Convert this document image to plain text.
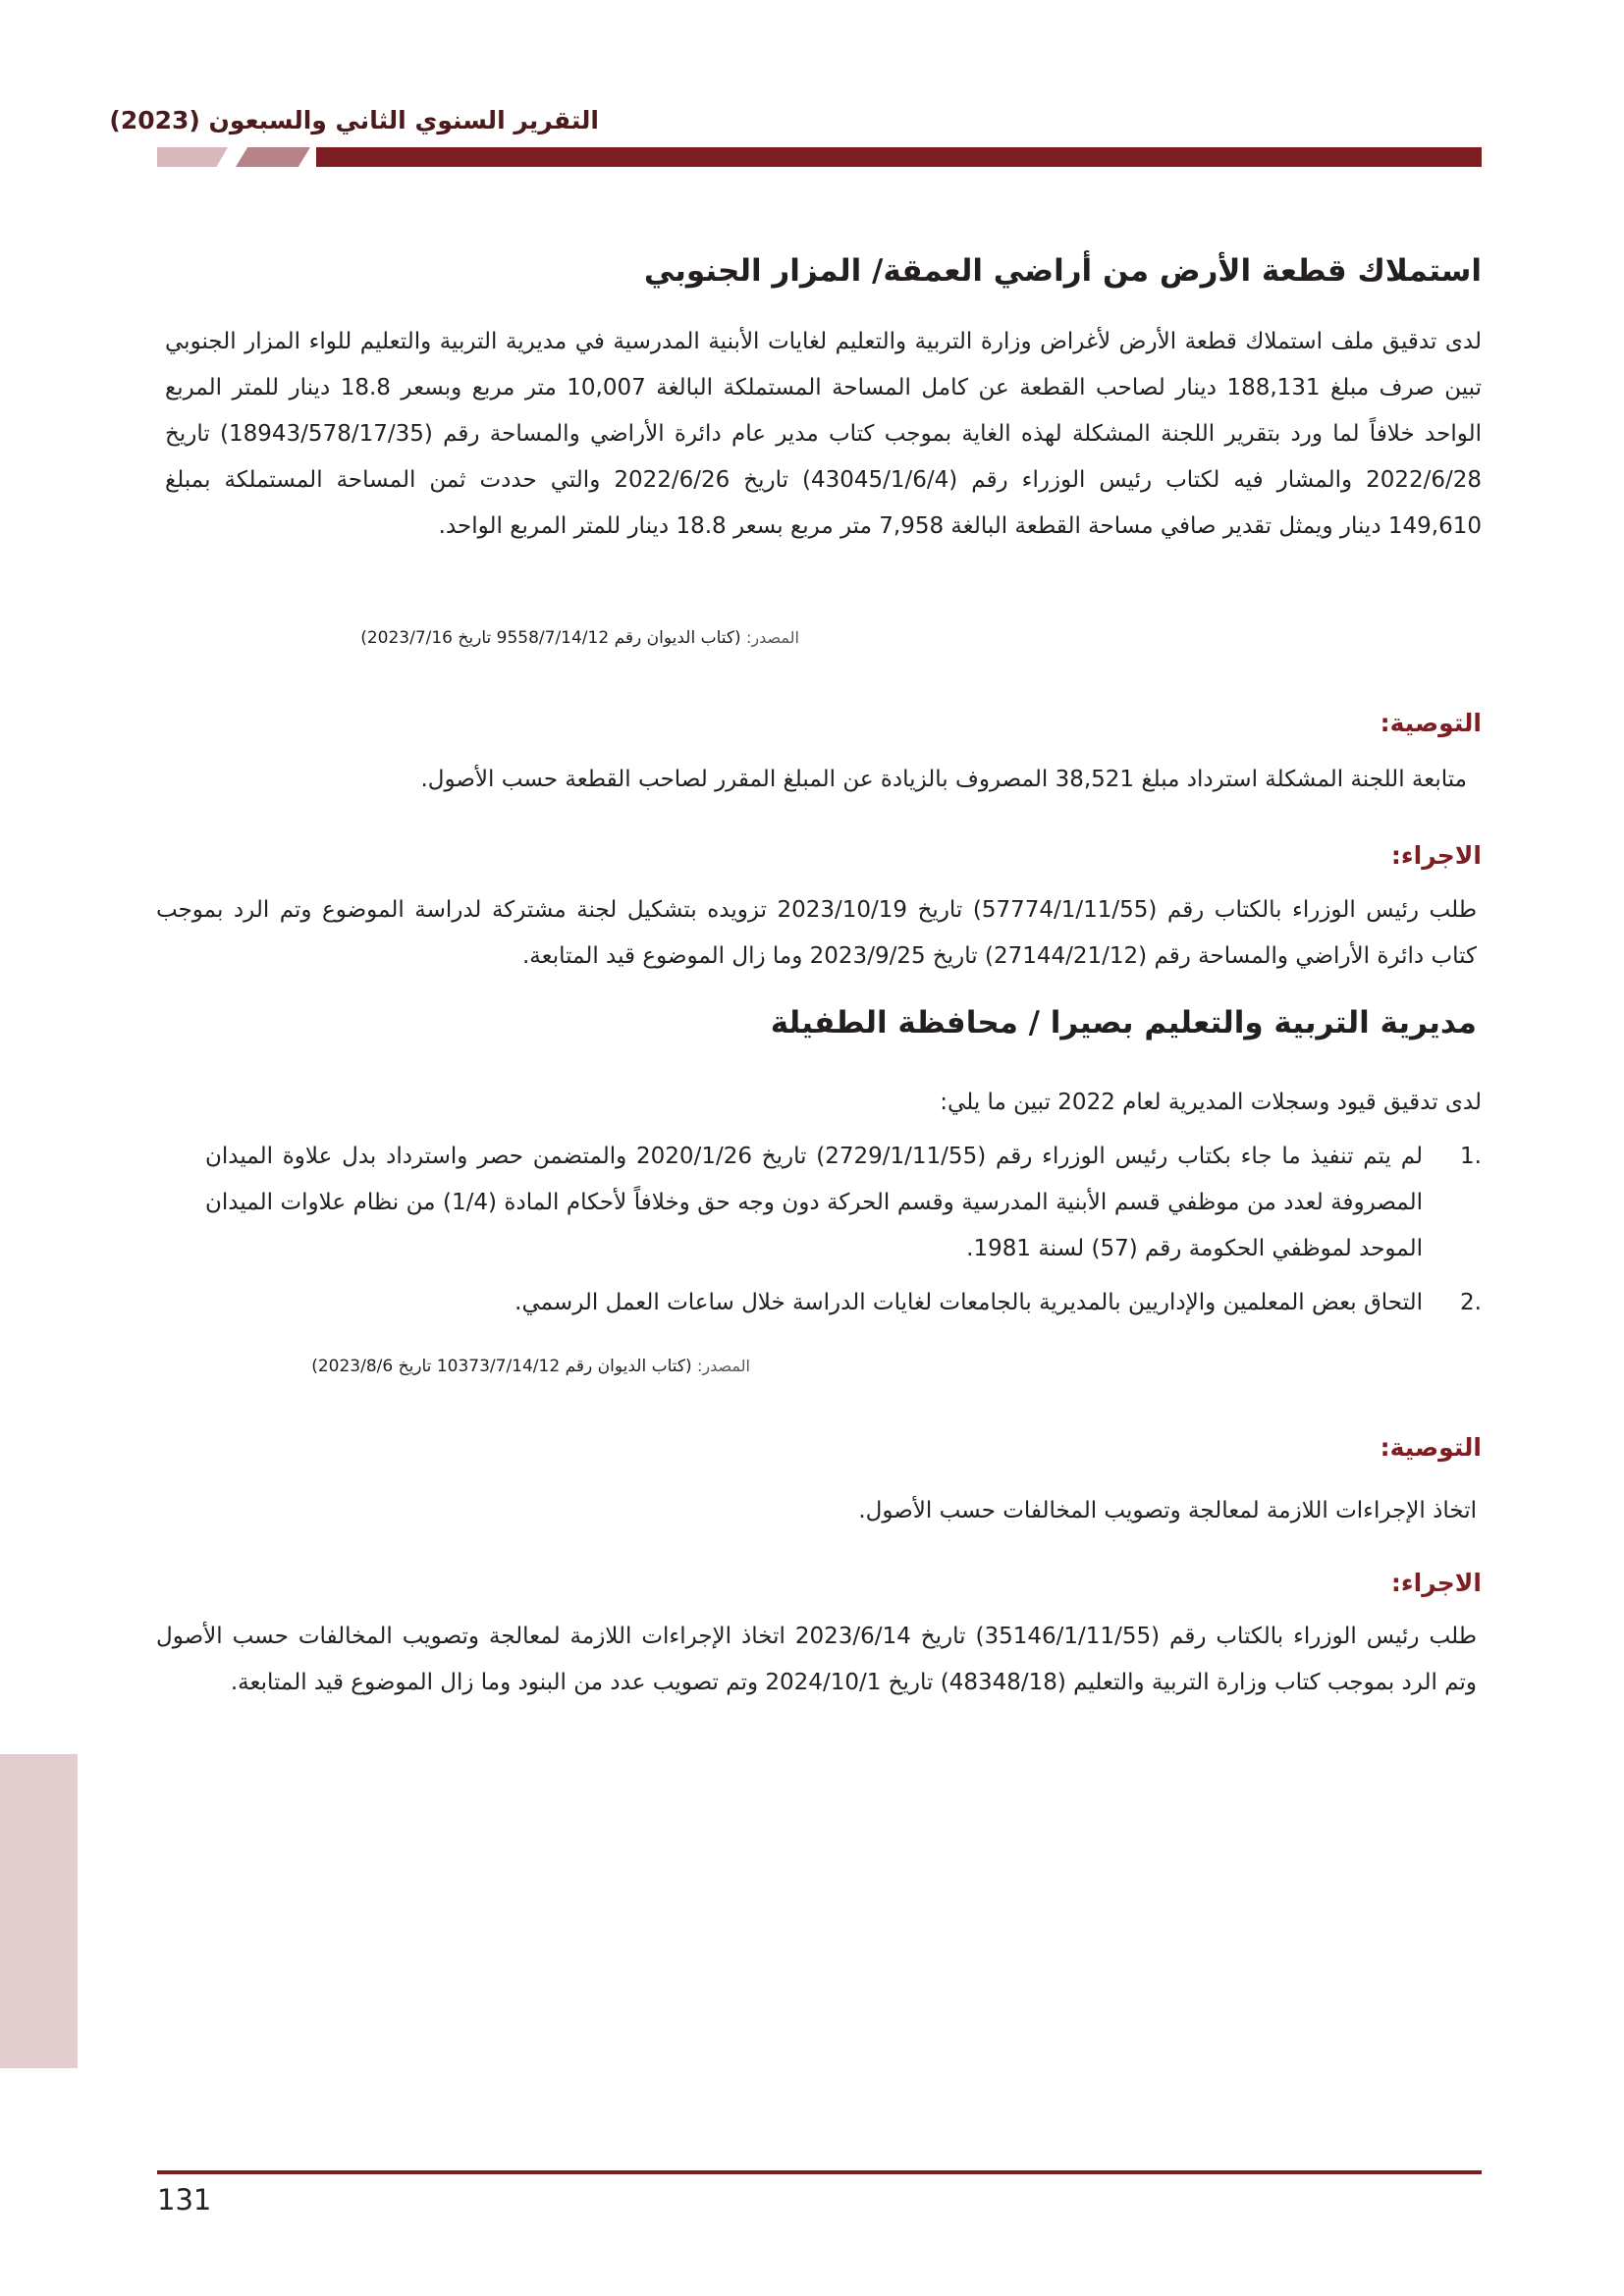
التقرير السنوي الثاني والسبعون (2023)
استملاك قطعة الأرض من أراضي العمقة/ المزار الجنوبي

لدى تدقيق ملف استملاك قطعة الأرض لأغراض وزارة التربية والتعليم لغايات الأبنية المدرسية في مديرية التربية والتعليم للواء المزار الجنوبي تبين صرف مبلغ 188,131 دينار لصاحب القطعة عن كامل المساحة المستملكة البالغة 10,007 متر مربع وبسعر 18.8 دينار للمتر المربع الواحد خلافاً لما ورد بتقرير اللجنة المشكلة لهذه الغاية بموجب كتاب مدير عام دائرة الأراضي والمساحة رقم (18943/578/17/35) تاريخ 2022/6/28 والمشار فيه لكتاب رئيس الوزراء رقم (43045/1/6/4) تاريخ 2022/6/26 والتي حددت ثمن المساحة المستملكة بمبلغ 149,610 دينار ويمثل تقدير صافي مساحة القطعة البالغة 7,958 متر مربع بسعر 18.8 دينار للمتر المربع الواحد.

المصدر: (كتاب الديوان رقم 9558/7/14/12 تاريخ 2023/7/16)
التوصية:

متابعة اللجنة المشكلة استرداد مبلغ 38,521 المصروف بالزيادة عن المبلغ المقرر لصاحب القطعة حسب الأصول.

الاجراء:

طلب رئيس الوزراء بالكتاب رقم (57774/1/11/55) تاريخ 2023/10/19 تزويده بتشكيل لجنة مشتركة لدراسة الموضوع وتم الرد بموجب كتاب دائرة الأراضي والمساحة رقم (27144/21/12) تاريخ 2023/9/25 وما زال الموضوع قيد المتابعة.

مديرية التربية والتعليم بصيرا / محافظة الطفيلة

لدى تدقيق قيود وسجلات المديرية لعام 2022 تبين ما يلي:

1.
لم يتم تنفيذ ما جاء بكتاب رئيس الوزراء رقم (2729/1/11/55) تاريخ 2020/1/26 والمتضمن حصر واسترداد بدل علاوة الميدان المصروفة لعدد من موظفي قسم الأبنية المدرسية وقسم الحركة دون وجه حق وخلافاً لأحكام المادة (1/4) من نظام علاوات الميدان الموحد لموظفي الحكومة رقم (57) لسنة 1981.
2.
التحاق بعض المعلمين والإداريين بالمديرية بالجامعات لغايات الدراسة خلال ساعات العمل الرسمي.
المصدر: (كتاب الديوان رقم 10373/7/14/12 تاريخ 2023/8/6)
التوصية:

اتخاذ الإجراءات اللازمة لمعالجة وتصويب المخالفات حسب الأصول.

الاجراء:

طلب رئيس الوزراء بالكتاب رقم (35146/1/11/55) تاريخ 2023/6/14 اتخاذ الإجراءات اللازمة لمعالجة وتصويب المخالفات حسب الأصول وتم الرد بموجب كتاب وزارة التربية والتعليم (48348/18) تاريخ 2024/10/1 وتم تصويب عدد من البنود وما زال الموضوع قيد المتابعة.

131
